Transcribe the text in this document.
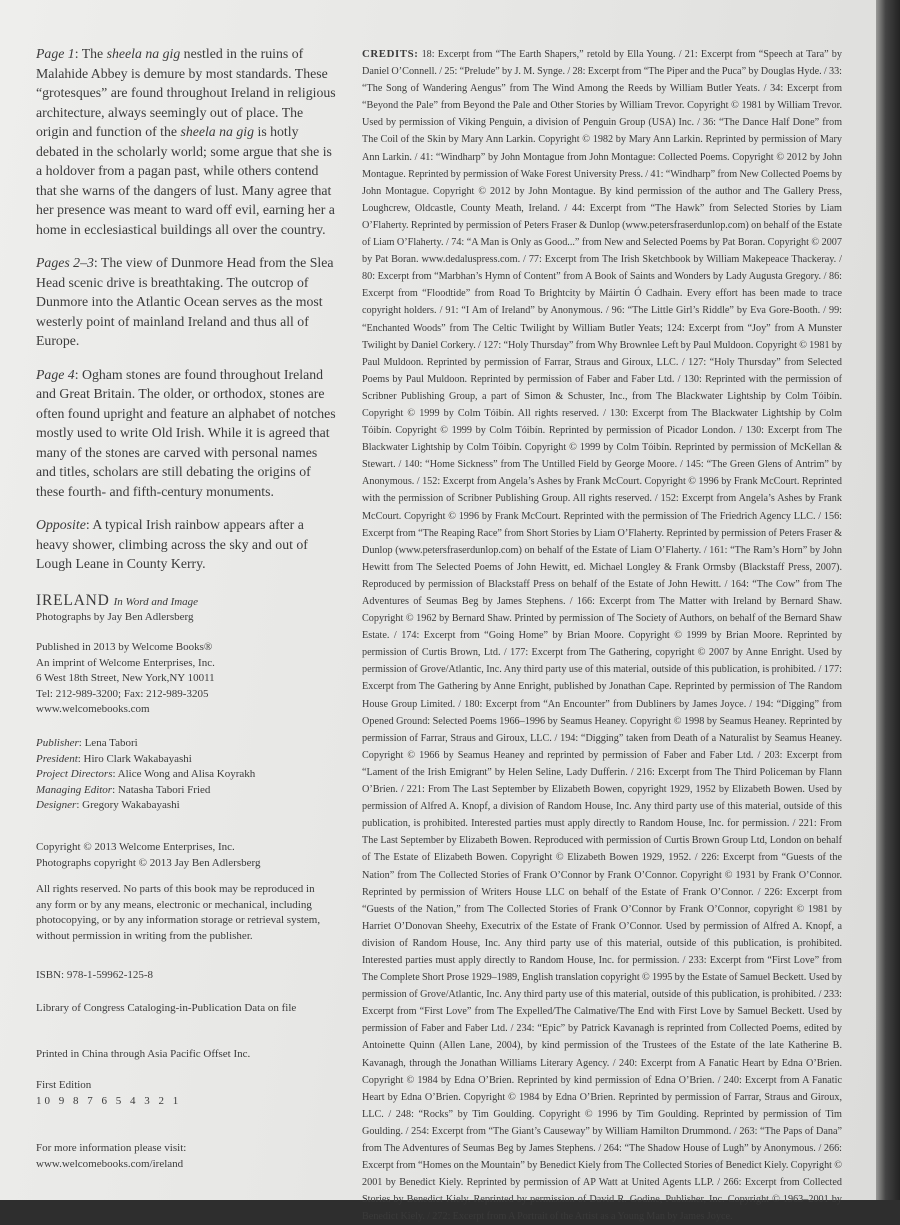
Page 1: The sheela na gig nestled in the ruins of Malahide Abbey is demure by most standards. These “grotesques” are found throughout Ireland in religious architecture, always seemingly out of place. The origin and function of the sheela na gig is hotly debated in the scholarly world; some argue that she is a holdover from a pagan past, while others contend that she warns of the dangers of lust. Many agree that her presence was meant to ward off evil, earning her a home in ecclesiastical buildings all over the country.

Pages 2–3: The view of Dunmore Head from the Slea Head scenic drive is breathtaking. The outcrop of Dunmore into the Atlantic Ocean serves as the most westerly point of mainland Ireland and thus all of Europe.

Page 4: Ogham stones are found throughout Ireland and Great Britain. The older, or orthodox, stones are often found upright and feature an alphabet of notches mostly used to write Old Irish. While it is agreed that many of the stones are carved with personal names and titles, scholars are still debating the origins of these fourth- and fifth-century monuments.

Opposite: A typical Irish rainbow appears after a heavy shower, climbing across the sky and out of Lough Leane in County Kerry.

IRELAND In Word and Image
Photographs by Jay Ben Adlersberg
Published in 2013 by Welcome Books®
An imprint of Welcome Enterprises, Inc.
6 West 18th Street, New York,NY 10011
Tel: 212-989-3200; Fax: 212-989-3205
www.welcomebooks.com
Publisher: Lena Tabori
President: Hiro Clark Wakabayashi
Project Directors: Alice Wong and Alisa Koyrakh
Managing Editor: Natasha Tabori Fried
Designer: Gregory Wakabayashi
Copyright © 2013 Welcome Enterprises, Inc.
Photographs copyright © 2013 Jay Ben Adlersberg
All rights reserved. No parts of this book may be reproduced in
any form or by any means, electronic or mechanical, including
photocopying, or by any information storage or retrieval system,
without permission in writing from the publisher.
ISBN: 978-1-59962-125-8
Library of Congress Cataloging-in-Publication Data on file
Printed in China through Asia Pacific Offset Inc.
First Edition
10 9 8 7 6 5 4 3 2 1
For more information please visit:
www.welcomebooks.com/ireland
CREDITS: 18: Excerpt from “The Earth Shapers,” retold by Ella Young. / 21: Excerpt from “Speech at Tara” by Daniel O’Connell. / 25: “Prelude” by J. M. Synge. / 28: Excerpt from “The Piper and the Puca” by Douglas Hyde. / 33: “The Song of Wandering Aengus” from The Wind Among the Reeds by William Butler Yeats. / 34: Excerpt from “Beyond the Pale” from Beyond the Pale and Other Stories by William Trevor. Copyright © 1981 by William Trevor. Used by permission of Viking Penguin, a division of Penguin Group (USA) Inc. / 36: “The Dance Half Done” from The Coil of the Skin by Mary Ann Larkin. Copyright © 1982 by Mary Ann Larkin. Reprinted by permission of Mary Ann Larkin. / 41: “Windharp” by John Montague from John Montague: Collected Poems. Copyright © 2012 by John Montague. Reprinted by permission of Wake Forest University Press. / 41: “Windharp” from New Collected Poems by John Montague. Copyright © 2012 by John Montague. By kind permission of the author and The Gallery Press, Loughcrew, Oldcastle, County Meath, Ireland. / 44: Excerpt from “The Hawk” from Selected Stories by Liam O’Flaherty. Reprinted by permission of Peters Fraser & Dunlop (www.petersfraserdunlop.com) on behalf of the Estate of Liam O’Flaherty. / 74: “A Man is Only as Good...” from New and Selected Poems by Pat Boran. Copyright © 2007 by Pat Boran. www.dedaluspress.com. / 77: Excerpt from The Irish Sketchbook by William Makepeace Thackeray. / 80: Excerpt from “Marbhan’s Hymn of Content” from A Book of Saints and Wonders by Lady Augusta Gregory. / 86: Excerpt from “Floodtide” from Road To Brightcity by Máirtín Ó Cadhain. Every effort has been made to trace copyright holders. / 91: “I Am of Ireland” by Anonymous. / 96: “The Little Girl’s Riddle” by Eva Gore-Booth. / 99: “Enchanted Woods” from The Celtic Twilight by William Butler Yeats; 124: Excerpt from “Joy” from A Munster Twilight by Daniel Corkery. / 127: “Holy Thursday” from Why Brownlee Left by Paul Muldoon. Copyright © 1981 by Paul Muldoon. Reprinted by permission of Farrar, Straus and Giroux, LLC. / 127: “Holy Thursday” from Selected Poems by Paul Muldoon. Reprinted by permission of Faber and Faber Ltd. / 130: Reprinted with the permission of Scribner Publishing Group, a part of Simon & Schuster, Inc., from The Blackwater Lightship by Colm Tóibín. Copyright © 1999 by Colm Tóibín. All rights reserved. / 130: Excerpt from The Blackwater Lightship by Colm Tóibín. Copyright © 1999 by Colm Tóibín. Reprinted by permission of Picador London. / 130: Excerpt from The Blackwater Lightship by Colm Tóibín. Copyright © 1999 by Colm Tóibín. Reprinted by permission of McKellan & Stewart. / 140: “Home Sickness” from The Untilled Field by George Moore. / 145: “The Green Glens of Antrim” by Anonymous. / 152: Excerpt from Angela’s Ashes by Frank McCourt. Copyright © 1996 by Frank McCourt. Reprinted with the permission of Scribner Publishing Group. All rights reserved. / 152: Excerpt from Angela’s Ashes by Frank McCourt. Copyright © 1996 by Frank McCourt. Reprinted with the permission of The Friedrich Agency LLC. / 156: Excerpt from “The Reaping Race” from Short Stories by Liam O’Flaherty. Reprinted by permission of Peters Fraser & Dunlop (www.petersfraserdunlop.com) on behalf of the Estate of Liam O’Flaherty. / 161: “The Ram’s Horn” by John Hewitt from The Selected Poems of John Hewitt, ed. Michael Longley & Frank Ormsby (Blackstaff Press, 2007). Reproduced by permission of Blackstaff Press on behalf of the Estate of John Hewitt. / 164: “The Cow” from The Adventures of Seumas Beg by James Stephens. / 166: Excerpt from The Matter with Ireland by Bernard Shaw. Copyright © 1962 by Bernard Shaw. Printed by permission of The Society of Authors, on behalf of the Bernard Shaw Estate. / 174: Excerpt from “Going Home” by Brian Moore. Copyright © 1999 by Brian Moore. Reprinted by permission of Curtis Brown, Ltd. / 177: Excerpt from The Gathering, copyright © 2007 by Anne Enright. Used by permission of Grove/Atlantic, Inc. Any third party use of this material, outside of this publication, is prohibited. / 177: Excerpt from The Gathering by Anne Enright, published by Jonathan Cape. Reprinted by permission of The Random House Group Limited. / 180: Excerpt from “An Encounter” from Dubliners by James Joyce. / 194: “Digging” from Opened Ground: Selected Poems 1966–1996 by Seamus Heaney. Copyright © 1998 by Seamus Heaney. Reprinted by permission of Farrar, Straus and Giroux, LLC. / 194: “Digging” taken from Death of a Naturalist by Seamus Heaney. Copyright © 1966 by Seamus Heaney and reprinted by permission of Faber and Faber Ltd. / 203: Excerpt from “Lament of the Irish Emigrant” by Helen Seline, Lady Dufferin. / 216: Excerpt from The Third Policeman by Flann O’Brien. / 221: From The Last September by Elizabeth Bowen, copyright 1929, 1952 by Elizabeth Bowen. Used by permission of Alfred A. Knopf, a division of Random House, Inc. Any third party use of this material, outside of this publication, is prohibited. Interested parties must apply directly to Random House, Inc. for permission. / 221: From The Last September by Elizabeth Bowen. Reproduced with permission of Curtis Brown Group Ltd, London on behalf of The Estate of Elizabeth Bowen. Copyright © Elizabeth Bowen 1929, 1952. / 226: Excerpt from “Guests of the Nation” from The Collected Stories of Frank O’Connor by Frank O’Connor. Copyright © 1931 by Frank O’Connor. Reprinted by permission of Writers House LLC on behalf of the Estate of Frank O’Connor. / 226: Excerpt from “Guests of the Nation,” from The Collected Stories of Frank O’Connor by Frank O’Connor, copyright © 1981 by Harriet O’Donovan Sheehy, Executrix of the Estate of Frank O’Connor. Used by permission of Alfred A. Knopf, a division of Random House, Inc. Any third party use of this material, outside of this publication, is prohibited. Interested parties must apply directly to Random House, Inc. for permission. / 233: Excerpt from “First Love” from The Complete Short Prose 1929–1989, English translation copyright © 1995 by the Estate of Samuel Beckett. Used by permission of Grove/Atlantic, Inc. Any third party use of this material, outside of this publication, is prohibited. / 233: Excerpt from “First Love” from The Expelled/The Calmative/The End with First Love by Samuel Beckett. Used by permission of Faber and Faber Ltd. / 234: “Epic” by Patrick Kavanagh is reprinted from Collected Poems, edited by Antoinette Quinn (Allen Lane, 2004), by kind permission of the Trustees of the Estate of the late Katherine B. Kavanagh, through the Jonathan Williams Literary Agency. / 240: Excerpt from A Fanatic Heart by Edna O’Brien. Copyright © 1984 by Edna O’Brien. Reprinted by kind permission of Edna O’Brien. / 240: Excerpt from A Fanatic Heart by Edna O’Brien. Copyright © 1984 by Edna O’Brien. Reprinted by permission of Farrar, Straus and Giroux, LLC. / 248: “Rocks” by Tim Goulding. Copyright © 1996 by Tim Goulding. Reprinted by permission of Tim Goulding. / 254: Excerpt from “The Giant’s Causeway” by William Hamilton Drummond. / 263: “The Paps of Dana” from The Adventures of Seumas Beg by James Stephens. / 264: “The Shadow House of Lugh” by Anonymous. / 266: Excerpt from “Homes on the Mountain” by Benedict Kiely from The Collected Stories of Benedict Kiely. Copyright © 2001 by Benedict Kiely. Reprinted by permission of AP Watt at United Agents LLP. / 266: Excerpt from Collected Stories by Benedict Kiely. Reprinted by permission of David R. Godine, Publisher, Inc. Copyright © 1963–2001 by Benedict Kiely. / 272: Excerpt from A Portrait of the Artist as a Young Man by James Joyce.
